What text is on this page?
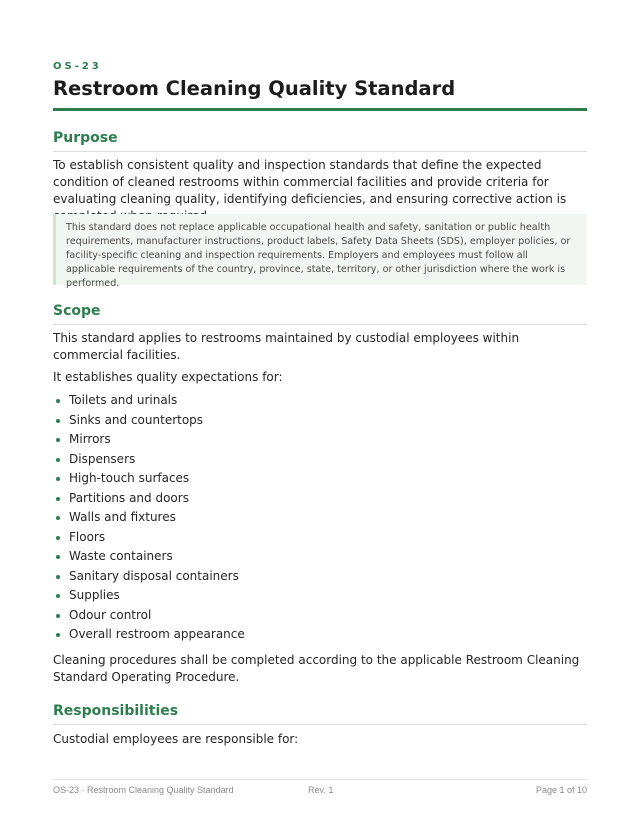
OS-23
Restroom Cleaning Quality Standard
Purpose

To establish consistent quality and inspection standards that define the expected condition of cleaned restrooms within commercial facilities and provide criteria for evaluating cleaning quality, identifying deficiencies, and ensuring corrective action is

This standard does not replace applicable occupational health and safety, sanitation or public health requirements, manufacturer instructions, product labels, Safety Data Sheets (SDS), employer policies, or facility-specific cleaning and inspection requirements. Employers and employees must follow all applicable requirements of the country, province, state, territory, or other jurisdiction where the work is performed.
Scope

This standard applies to restrooms maintained by custodial employees within commercial facilities.

It establishes quality expectations for:

Toilets and urinals
Sinks and countertops
Mirrors
Dispensers
High-touch surfaces
Partitions and doors
Walls and fixtures
Floors
Waste containers
Sanitary disposal containers
Supplies
Odour control
Overall restroom appearance

Cleaning procedures shall be completed according to the applicable Restroom Cleaning Standard Operating Procedure.

Responsibilities

Custodial employees are responsible for:

OS-23 · Restroom Cleaning Quality Standard	Rev. 1	Page 1 of 10
